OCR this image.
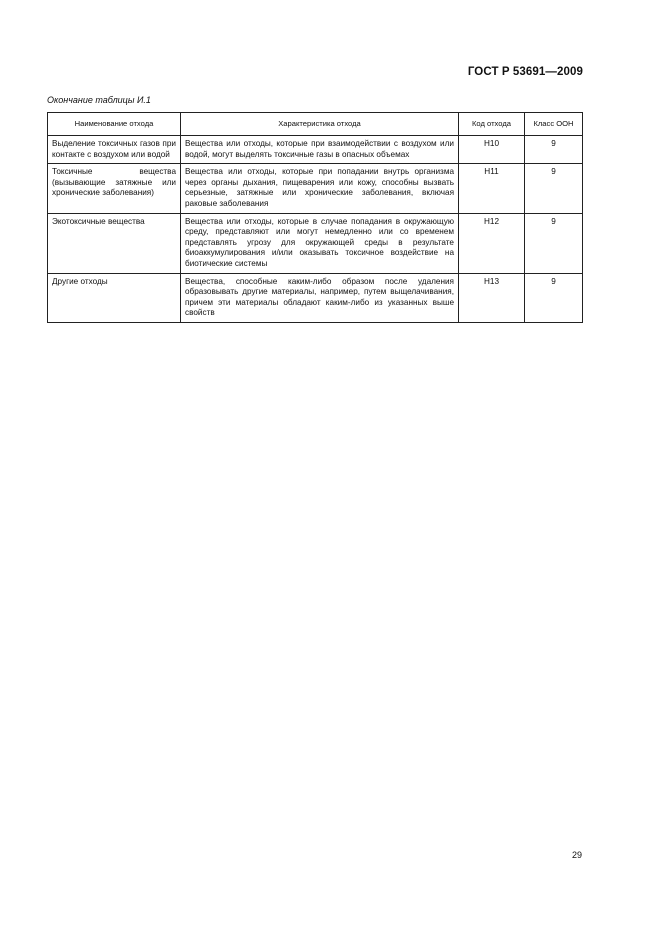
ГОСТ Р 53691—2009
Окончание таблицы И.1
Наименование отхода	Характеристика отхода	Код отхода	Класс ООН
Выделение токсичных газов при контакте с воздухом или водой	Вещества или отходы, которые при взаимодействии с воздухом или водой, могут выделять токсичные газы в опасных объемах	Н10	9
Токсичные вещества (вызывающие затяжные или хронические заболевания)	Вещества или отходы, которые при попадании внутрь организма через органы дыхания, пищеварения или кожу, способны вызвать серьезные, затяжные или хронические заболевания, включая раковые заболевания	Н11	9
Экотоксичные вещества	Вещества или отходы, которые в случае попадания в окружающую среду, представляют или могут немедленно или со временем представлять угрозу для окружающей среды в результате биоаккумулирования и/или оказывать токсичное воздействие на биотические системы	Н12	9
Другие отходы	Вещества, способные каким-либо образом после удаления образовывать другие материалы, например, путем выщелачивания, причем эти материалы обладают каким-либо из указанных выше свойств	Н13	9
29
